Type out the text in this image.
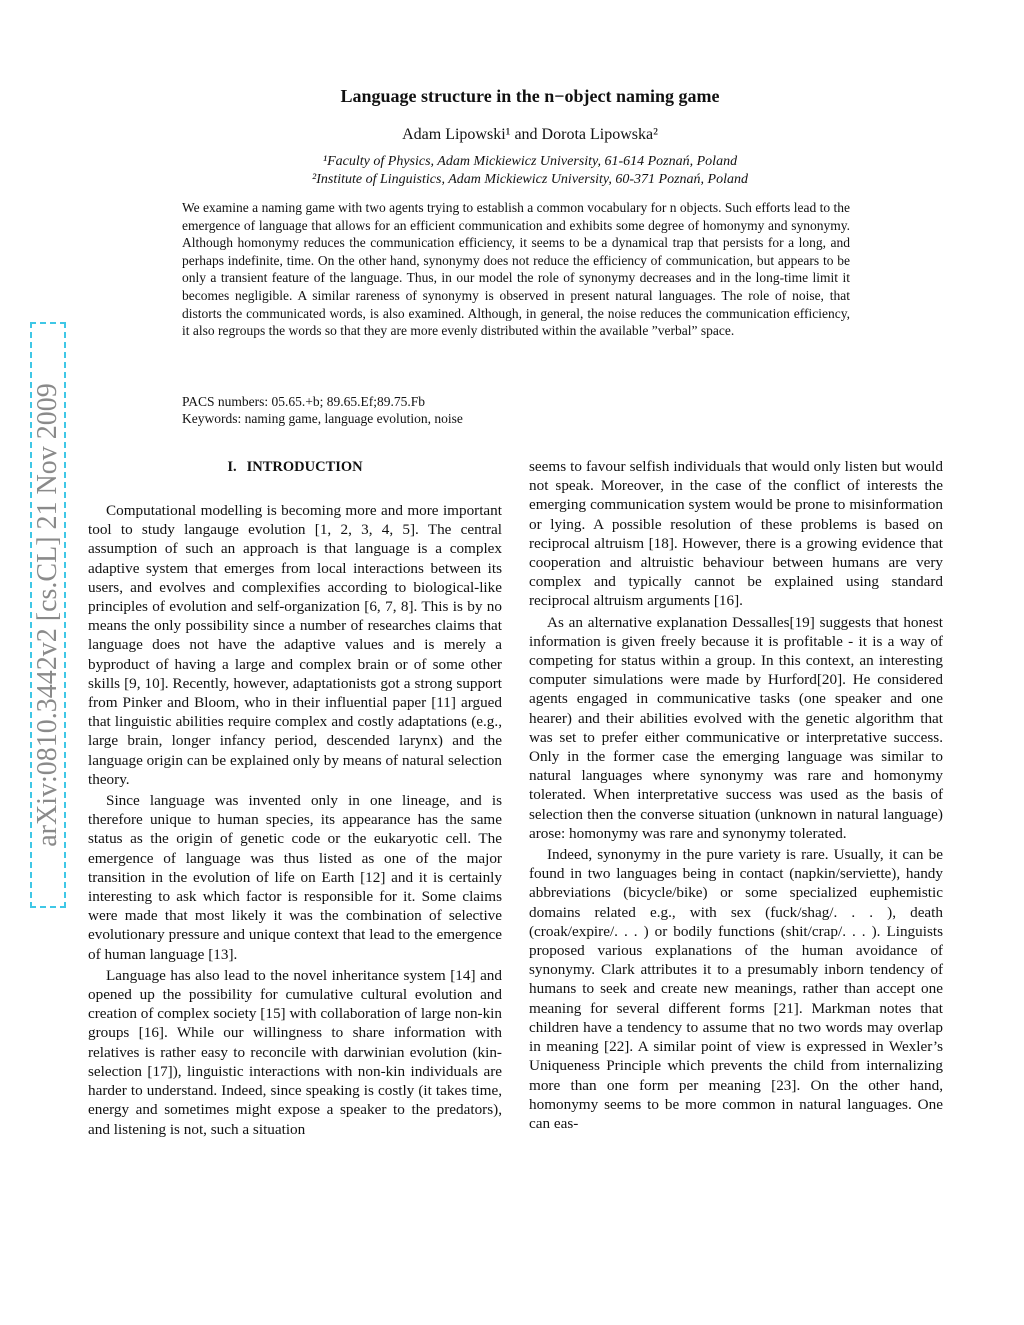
arXiv:0810.3442v2 [cs.CL] 21 Nov 2009
Language structure in the n−object naming game
Adam Lipowski¹ and Dorota Lipowska²
¹Faculty of Physics, Adam Mickiewicz University, 61-614 Poznań, Poland
²Institute of Linguistics, Adam Mickiewicz University, 60-371 Poznań, Poland
We examine a naming game with two agents trying to establish a common vocabulary for n objects. Such efforts lead to the emergence of language that allows for an efficient communication and exhibits some degree of homonymy and synonymy. Although homonymy reduces the communication efficiency, it seems to be a dynamical trap that persists for a long, and perhaps indefinite, time. On the other hand, synonymy does not reduce the efficiency of communication, but appears to be only a transient feature of the language. Thus, in our model the role of synonymy decreases and in the long-time limit it becomes negligible. A similar rareness of synonymy is observed in present natural languages. The role of noise, that distorts the communicated words, is also examined. Although, in general, the noise reduces the communication efficiency, it also regroups the words so that they are more evenly distributed within the available ”verbal” space.
PACS numbers: 05.65.+b; 89.65.Ef;89.75.Fb
Keywords: naming game, language evolution, noise
I. INTRODUCTION

Computational modelling is becoming more and more important tool to study langauge evolution [1, 2, 3, 4, 5]. The central assumption of such an approach is that language is a complex adaptive system that emerges from local interactions between its users, and evolves and complexifies according to biological-like principles of evolution and self-organization [6, 7, 8]. This is by no means the only possibility since a number of researches claims that language does not have the adaptive values and is merely a byproduct of having a large and complex brain or of some other skills [9, 10]. Recently, however, adaptationists got a strong support from Pinker and Bloom, who in their influential paper [11] argued that linguistic abilities require complex and costly adaptations (e.g., large brain, longer infancy period, descended larynx) and the language origin can be explained only by means of natural selection theory.

Since language was invented only in one lineage, and is therefore unique to human species, its appearance has the same status as the origin of genetic code or the eukaryotic cell. The emergence of language was thus listed as one of the major transition in the evolution of life on Earth [12] and it is certainly interesting to ask which factor is responsible for it. Some claims were made that most likely it was the combination of selective evolutionary pressure and unique context that lead to the emergence of human language [13].

Language has also lead to the novel inheritance system [14] and opened up the possibility for cumulative cultural evolution and creation of complex society [15] with collaboration of large non-kin groups [16]. While our willingness to share information with relatives is rather easy to reconcile with darwinian evolution (kin-selection [17]), linguistic interactions with non-kin individuals are harder to understand. Indeed, since speaking is costly (it takes time, energy and sometimes might expose a speaker to the predators), and listening is not, such a situation

seems to favour selfish individuals that would only listen but would not speak. Moreover, in the case of the conflict of interests the emerging communication system would be prone to misinformation or lying. A possible resolution of these problems is based on reciprocal altruism [18]. However, there is a growing evidence that cooperation and altruistic behaviour between humans are very complex and typically cannot be explained using standard reciprocal altruism arguments [16].

As an alternative explanation Dessalles[19] suggests that honest information is given freely because it is profitable - it is a way of competing for status within a group. In this context, an interesting computer simulations were made by Hurford[20]. He considered agents engaged in communicative tasks (one speaker and one hearer) and their abilities evolved with the genetic algorithm that was set to prefer either communicative or interpretative success. Only in the former case the emerging language was similar to natural languages where synonymy was rare and homonymy tolerated. When interpretative success was used as the basis of selection then the converse situation (unknown in natural language) arose: homonymy was rare and synonymy tolerated.

Indeed, synonymy in the pure variety is rare. Usually, it can be found in two languages being in contact (napkin/serviette), handy abbreviations (bicycle/bike) or some specialized euphemistic domains related e.g., with sex (fuck/shag/. . . ), death (croak/expire/. . . ) or bodily functions (shit/crap/. . . ). Linguists proposed various explanations of the human avoidance of synonymy. Clark attributes it to a presumably inborn tendency of humans to seek and create new meanings, rather than accept one meaning for several different forms [21]. Markman notes that children have a tendency to assume that no two words may overlap in meaning [22]. A similar point of view is expressed in Wexler’s Uniqueness Principle which prevents the child from internalizing more than one form per meaning [23]. On the other hand, homonymy seems to be more common in natural languages. One can eas-
